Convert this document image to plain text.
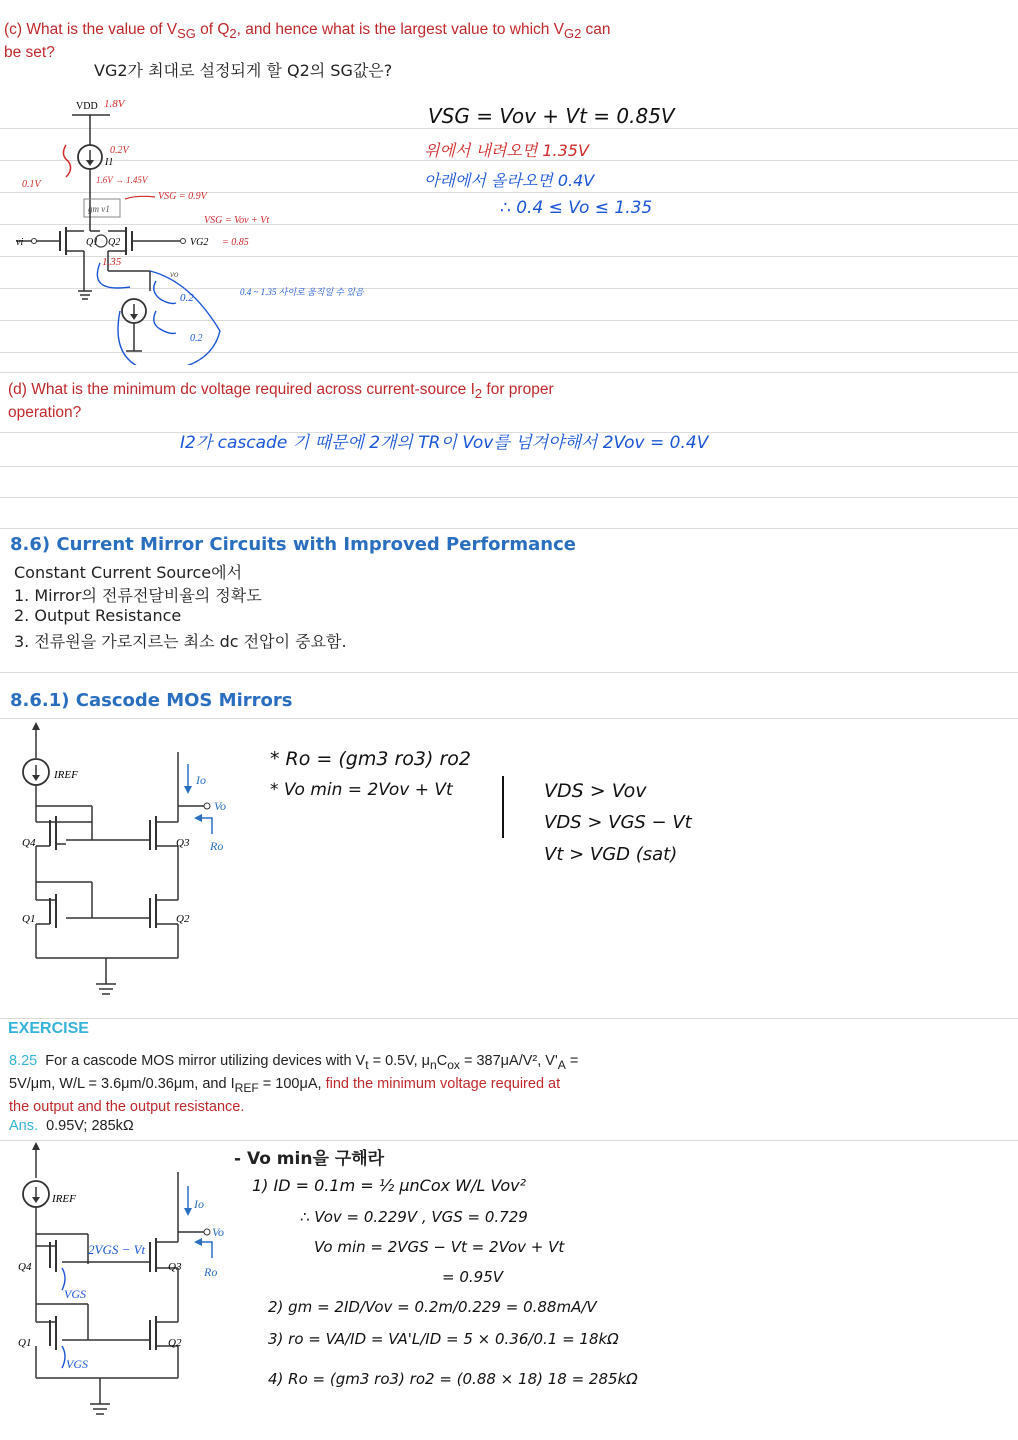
(c) What is the value of $V_{SG}$ of $Q_2$, and hence what is the largest value to which $V_{G2}$ can
be set?
VG2가 최대로 설정되게 할 Q2의 SG값은?
VDD 1.8V
I1
0.2V
0.1V	1.6V → 1.45V
gm v1
VSG = 0.9V
vi	Q1	VG2
Q2
1.35
VSG = Vov + Vt
= 0.85
vo
0.2
0.2
0.4 ~ 1.35 사이로 움직일 수 있음
VSG = Vov + Vt = 0.85V
위에서 내려오면 1.35V
아래에서 올라오면 0.4V
∴ 0.4 ≤ Vo ≤ 1.35
(d) What is the minimum dc voltage required across current-source $I_2$ for proper
operation?
I2가 cascade 기 때문에 2개의 TR이 Vov를 넘겨야해서 2Vov = 0.4V
8.6) Current Mirror Circuits with Improved Performance
Constant Current Source에서
1. Mirror의 전류전달비율의 정확도
2. Output Resistance
3. 전류원을 가로지르는 최소 dc 전압이 중요함.
8.6.1) Cascode MOS Mirrors
IREF
Q4	Q3
Vo
Io
Ro
Q1	Q2
* Ro = (gm3 ro3) ro2
* Vo min = 2Vov + Vt	VDS > Vov
VDS > VGS − Vt
Vt > VGD (sat)
EXERCISE
8.25 For a cascode MOS mirror utilizing devices with $V_t = 0.5V$, $\mu_nC_{ox} = 387\mu A/V^2$, $V'_A = 5V/\mu m$, W/L = 3.6μm/0.36μm, and $I_{REF} = 100\mu A$, find the minimum voltage required at the output and the output resistance.
Ans. 0.95V; 285kΩ
IREF
Q4
2VGS − Vt
Q3
Vo
Io
Ro
VGS
Q1
VGS
Q2
- Vo min을 구해라
1) ID = 0.1m = ½ μnCox W/L Vov²
∴ Vov = 0.229V , VGS = 0.729
Vo min = 2VGS − Vt = 2Vov + Vt
= 0.95V
2) gm = 2ID/Vov = 0.2m/0.229 = 0.88mA/V
3) ro = VA/ID = VA'L/ID = 5 × 0.36/0.1 = 18kΩ
4) Ro = (gm3 ro3) ro2 = (0.88 × 18) 18 = 285kΩ
